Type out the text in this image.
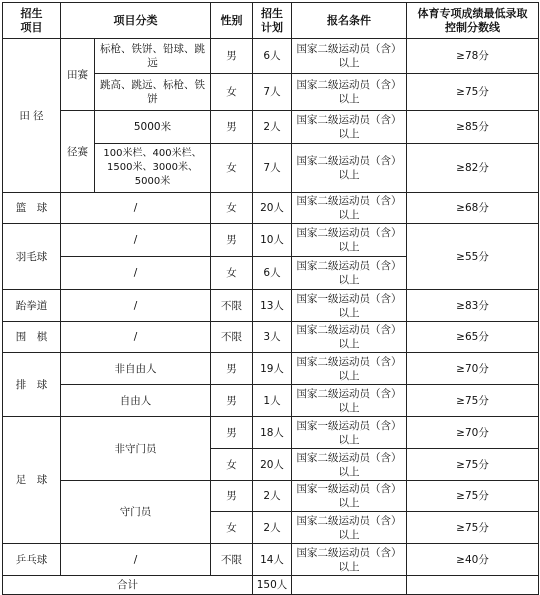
招生
项目	项目分类		性别	招生
计划	报名条件	体育专项成绩最低录取
控制分数线
田 径	田赛	标枪、铁饼、铅球、跳远	男	6人	国家二级运动员（含）以上	≥78分
		跳高、跳远、标枪、铁饼	女	7人	国家二级运动员（含）以上	≥75分
	径赛	5000米	男	2人	国家二级运动员（含）以上	≥85分
		100米栏、400米栏、1500米、3000米、5000米	女	7人	国家二级运动员（含）以上	≥82分
篮　球	/		女	20人	国家二级运动员（含）以上	≥68分
羽毛球	/		男	10人	国家二级运动员（含）以上	≥55分
	/		女	6人	国家二级运动员（含）以上	
跆拳道	/		不限	13人	国家一级运动员（含）以上	≥83分
围　棋	/		不限	3人	国家二级运动员（含）以上	≥65分
排　球	非自由人		男	19人	国家二级运动员（含）以上	≥70分
	自由人		男	1人	国家二级运动员（含）以上	≥75分
足　球	非守门员		男	18人	国家一级运动员（含）以上	≥70分
			女	20人	国家二级运动员（含）以上	≥75分
	守门员		男	2人	国家一级运动员（含）以上	≥75分
			女	2人	国家二级运动员（含）以上	≥75分
乒乓球	/		不限	14人	国家二级运动员（含）以上	≥40分
合计				150人		
